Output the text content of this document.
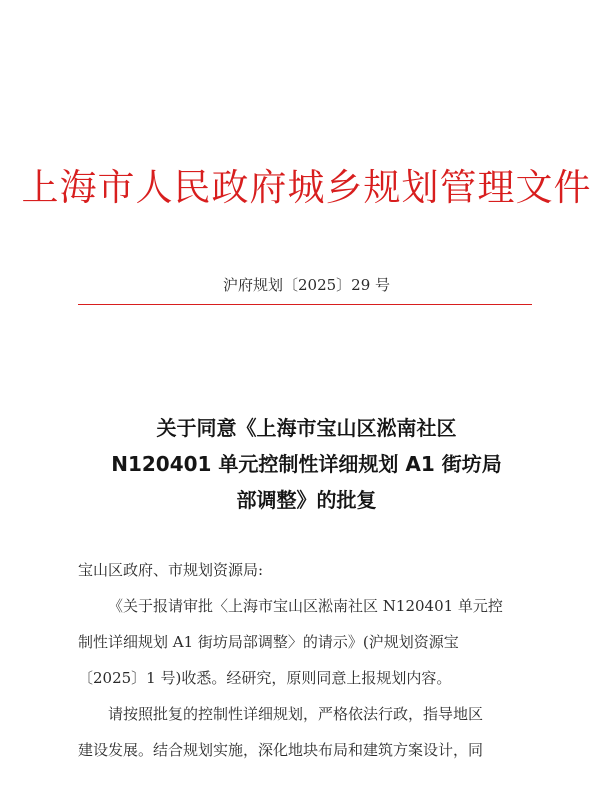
上海市人民政府城乡规划管理文件
沪府规划〔2025〕29 号
关于同意《上海市宝山区淞南社区
N120401 单元控制性详细规划 A1 街坊局
部调整》的批复
宝山区政府、市规划资源局:
《关于报请审批〈上海市宝山区淞南社区 N120401 单元控
制性详细规划 A1 街坊局部调整〉的请示》(沪规划资源宝
〔2025〕1 号)收悉。经研究，原则同意上报规划内容。
请按照批复的控制性详细规划，严格依法行政，指导地区
建设发展。结合规划实施，深化地块布局和建筑方案设计，同
